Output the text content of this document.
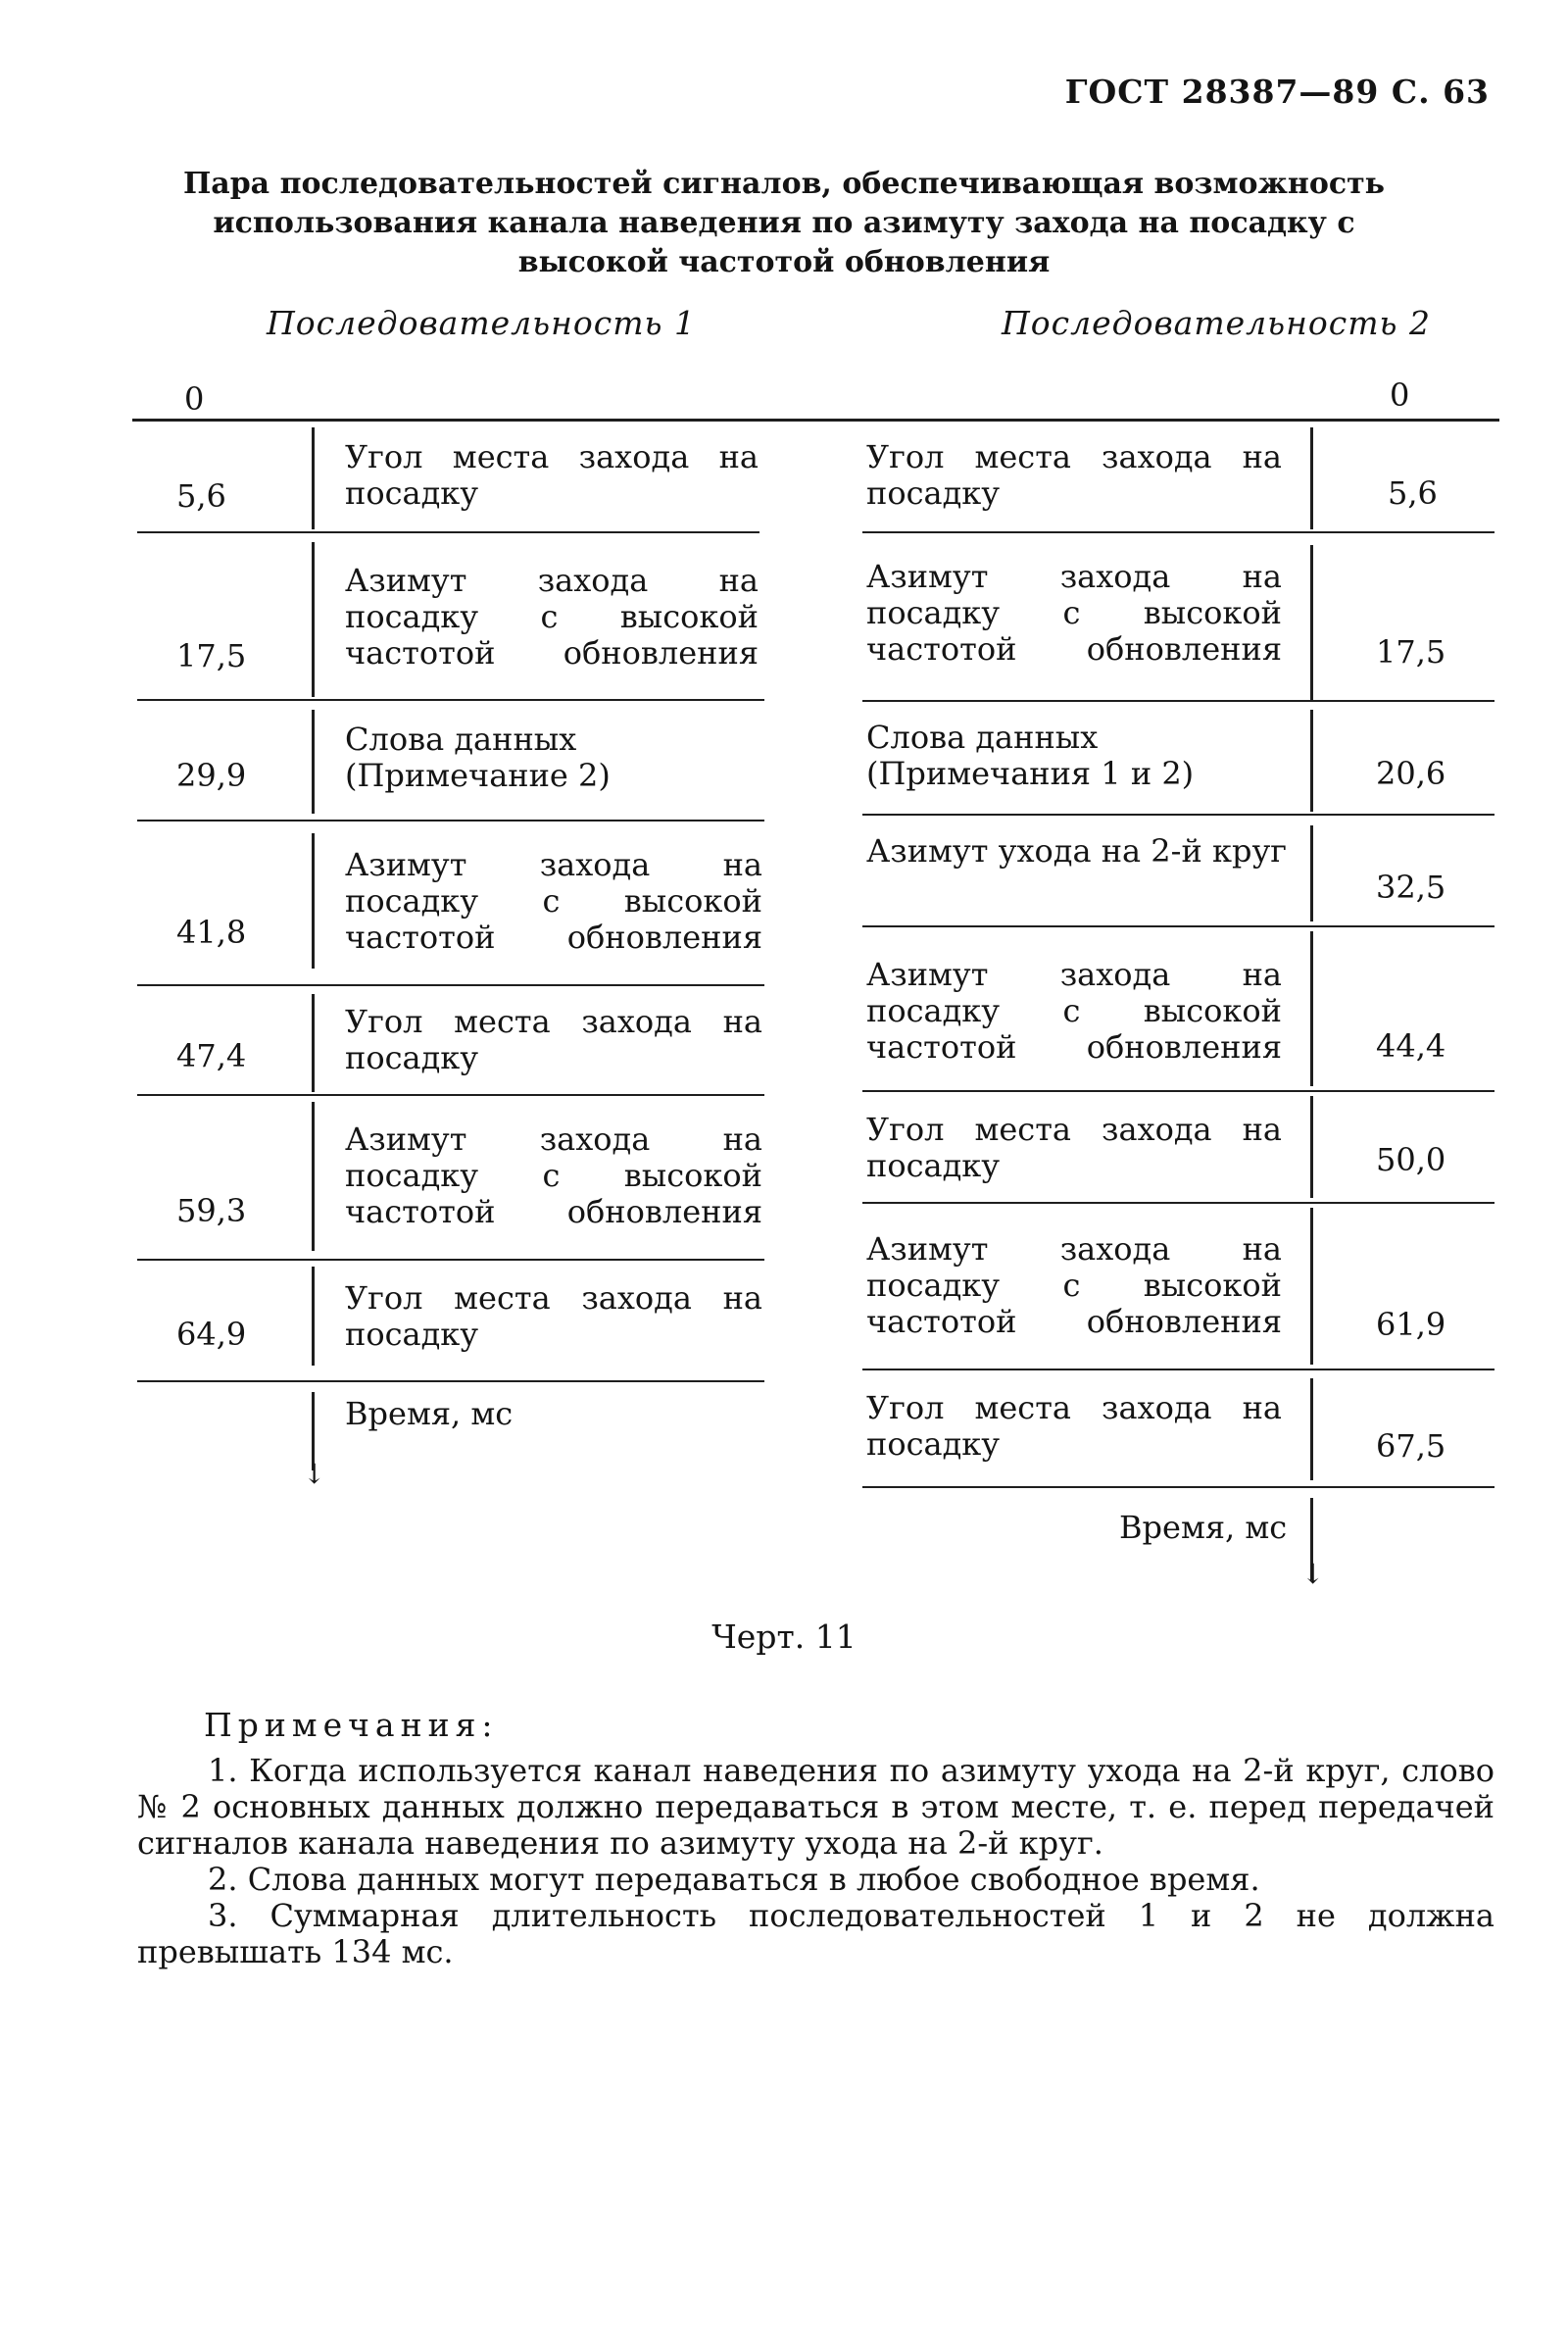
ГОСТ 28387—89 С. 63
Пара последовательностей сигналов, обеспечивающая возможность использования канала наведения по азимуту захода на посадку с высокой частотой обновления
Последовательность 1	Последовательность 2
0	0
↓
5,6
17,5
29,9
41,8
47,4
59,3
64,9
Угол места захода на посадку
Азимут захода на посадку с высокой частотой обновления
Слова данных (Примечание 2)
Азимут захода на посадку с высокой частотой обновления
Угол места захода на посадку
Азимут захода на посадку с высокой частотой обновления
Угол места захода на посадку
Время, мс
↓
5,6
17,5
20,6
32,5
44,4
50,0
61,9
67,5
Угол места захода на посадку
Азимут захода на посадку с высокой частотой обновления
Слова данных (Примечания 1 и 2)
Азимут ухода на 2-й круг
Азимут захода на посадку с высокой частотой обновления
Угол места захода на посадку
Азимут захода на посадку с высокой частотой обновления
Угол места захода на посадку
Время, мс
Черт. 11
Примечания:

1. Когда используется канал наведения по азимуту ухода на 2-й круг, слово № 2 основных данных должно передаваться в этом месте, т. е. перед передачей сигналов канала наведения по азимуту ухода на 2-й круг.

2. Слова данных могут передаваться в любое свободное время.

3. Суммарная длительность последовательностей 1 и 2 не должна превышать 134 мс.
